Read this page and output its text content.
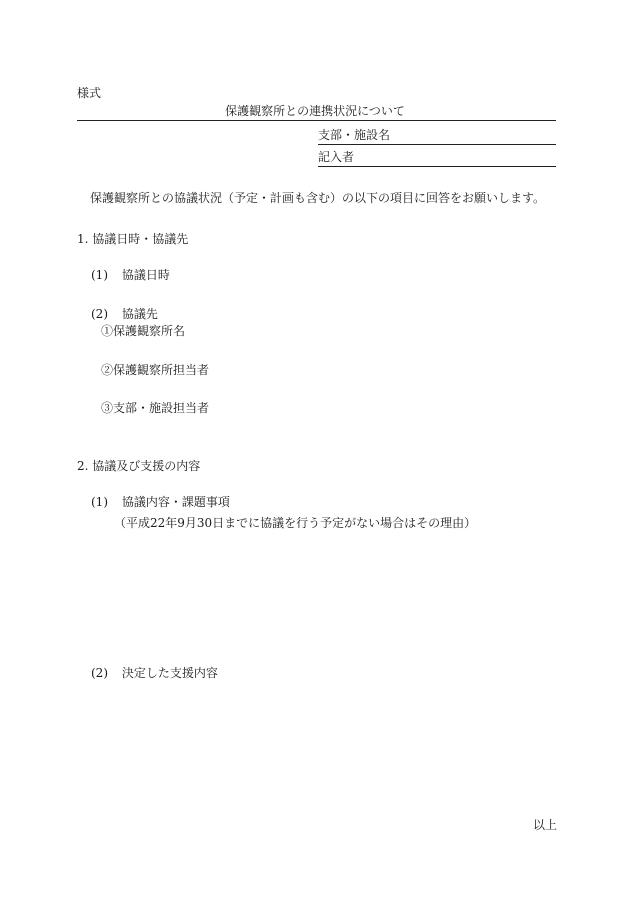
様式
保護観察所との連携状況について
支部・施設名
記入者
保護観察所との協議状況（予定・計画も含む）の以下の項目に回答をお願いします。
1. 協議日時・協議先
(1) 協議日時
(2) 協議先
①保護観察所名
②保護観察所担当者
③支部・施設担当者
2. 協議及び支援の内容
(1) 協議内容・課題事項
（平成22年9月30日までに協議を行う予定がない場合はその理由）
(2) 決定した支援内容
以上
